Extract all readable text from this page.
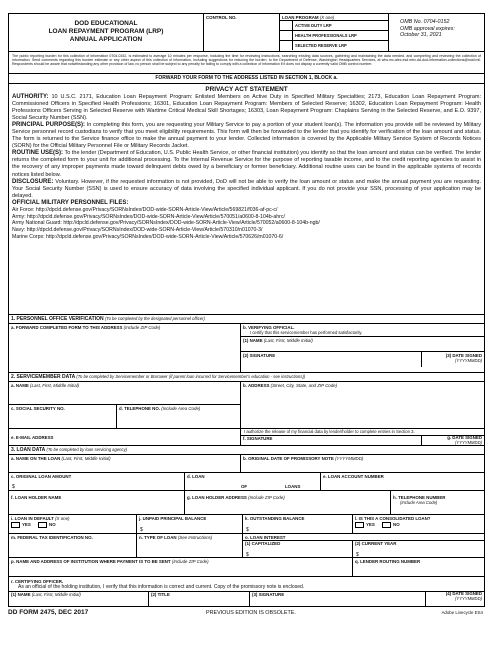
DOD EDUCATIONAL
LOAN REPAYMENT PROGRAM (LRP)
ANNUAL APPLICATION
CONTROL NO.	LOAN PROGRAM (X one)
ACTIVE DUTY LRP
HEALTH PROFESSIONALS LRP
SELECTED RESERVE LRP
OMB No. 0704-0152
OMB approval expires:
October 31, 2021
The public reporting burden for this collection of information 0704-0152, is estimated to average 10 minutes per response, including the time for reviewing instructions, searching existing data sources, gathering and maintaining the data needed, and completing and reviewing the collection of information. Send comments regarding this burden estimate or any other aspect of this collection of information, including suggestions for reducing the burden, to the Department of Defense, Washington Headquarters Services, at whs.mc-alex.esd.mbx.dd-dod-information-collections@mail.mil. Respondents should be aware that notwithstanding any other provision of law, no person shall be subject to any penalty for failing to comply with a collection of information if it does not display a currently valid OMB control number.
FORWARD YOUR FORM TO THE ADDRESS LISTED IN SECTION 1, BLOCK a.
PRIVACY ACT STATEMENT
AUTHORITY: 10 U.S.C. 2171, Education Loan Repayment Program: Enlisted Members on Active Duty in Specified Military Specialties; 2173, Education Loan Repayment Program: Commissioned Officers in Specified Health Professions; 16301, Education Loan Repayment Program: Members of Selected Reserve; 16302, Education Loan Repayment Program: Health Professions Officers Serving in Selected Reserve with Wartime Critical Medical Skill Shortages; 16303, Loan Repayment Program: Chaplains Serving in the Selected Reserve, and E.O. 9397, Social Security Number (SSN).
PRINCIPAL PURPOSE(S): In completing this form, you are requesting your Military Service to pay a portion of your student loan(s). The information you provide will be reviewed by Military Service personnel record custodians to verify that you meet eligibility requirements. This form will then be forwarded to the lender that you identify for verification of the loan amount and status. The form is returned to the Service finance office to make the annual payment to your lender. Collected information is covered by the Applicable Military Service System of Records Notices (SORN) for the Official Military Personnel File or Military Records Jacket.
ROUTINE USE(S): To the lender (Department of Education, U.S. Public Health Service, or other financial institution) you identify so that the loan amount and status can be verified. The lender returns the completed form to your unit for additional processing. To the Internal Revenue Service for the purpose of reporting taxable income, and to the credit reporting agencies to assist in the recovery of any improper payments made toward delinquent debts owed by a beneficiary or former beneficiary. Additional routine uses can be found in the applicable systems of records notices listed below.
DISCLOSURE: Voluntary. However, if the requested information is not provided, DoD will not be able to verify the loan amount or status and make the annual payment you are requesting. Your Social Security Number (SSN) is used to ensure accuracy of data involving the specified individual applicant. If you do not provide your SSN, processing of your application may be delayed.
OFFICIAL MILITARY PERSONNEL FILES:
Air Force: http://dpcld.defense.gov/Privacy/SORNsIndex/DOD-wide-SORN-Article-View/Article/569821/f036-af-pc-c/
Army: http://dpcld.defense.gov/Privacy/SORNsIndex/DOD-wide-SORN-Article-View/Article/570051/a0600-8-104b-ahrc/
Army National Guard: http://dpcld.defense.gov/Privacy/SORNsIndex/DOD-wide-SORN-Article-View/Article/570052/a0600-8-104b-ngb/
Navy: http://dpcld.defense.gov/Privacy/SORNsIndex/DOD-wide-SORN-Article-View/Article/570310/n01070-3/
Marine Corps: http://dpcld.defense.gov/Privacy/SORNsIndex/DOD-wide-SORN-Article-View/Article/570626/m01070-6/
1. PERSONNEL OFFICE VERIFICATION (To be completed by the designated personnel officer)
a. FORWARD COMPLETED FORM TO THIS ADDRESS (Include ZIP Code)	b. VERIFYING OFFICIAL.
I certify that this servicemember has performed satisfactorily.
(1) NAME (Last, First, Middle Initial)
(2) SIGNATURE	(3) DATE SIGNED
(YYYYMMDD)
2. SERVICEMEMBER DATA (To be completed by Servicemember or Borrower (if parent loan incurred for Servicemember's education - see instructions))
a. NAME (Last, First, Middle Initial)
c. SOCIAL SECURITY NO.	d. TELEPHONE NO. (Include Area Code)
b. ADDRESS (Street, City, State, and ZIP Code)
e. E-MAIL ADDRESS
I authorize the release of my financial data by lender/holder to complete entries in Section 3.
f. SIGNATURE	g. DATE SIGNED
(YYYYMMDD)
3. LOAN DATA (To be completed by loan servicing agency)
a. NAME ON THE LOAN (Last, First, Middle Initial)	b. ORIGINAL DATE OF PROMISSORY NOTE (YYYYMMDD)
c. ORIGINAL LOAN AMOUNT
$
d. LOAN
OF	LOANS
e. LOAN ACCOUNT NUMBER
f. LOAN HOLDER NAME	g. LOAN HOLDER ADDRESS (Include ZIP Code)	h. TELEPHONE NUMBER
(Include Area Code)
i. LOAN IN DEFAULT (X one)
YES	NO
j. UNPAID PRINCIPAL BALANCE
$
k. OUTSTANDING BALANCE
$
l. IS THIS A CONSOLIDATED LOAN?
YES	NO
m. FEDERAL TAX IDENTIFICATION NO.	n. TYPE OF LOAN (See Instructions)	o. LOAN INTEREST
(1) CAPITALIZED
$
(2) CURRENT YEAR
$
p. NAME AND ADDRESS OF INSTITUTION WHERE PAYMENT IS TO BE SENT (Include ZIP Code)	q. LENDER ROUTING NUMBER
r. CERTIFYING OFFICER.
As an official of the holding institution, I verify that this information is correct and current. Copy of the promissory note is enclosed.
(1) NAME (Last, First, Middle Initial)	(2) TITLE	(3) SIGNATURE	(4) DATE SIGNED
(YYYYMMDD)
DD FORM 2475, DEC 2017	PREVIOUS EDITION IS OBSOLETE.	Adobe Livecycle ES4
